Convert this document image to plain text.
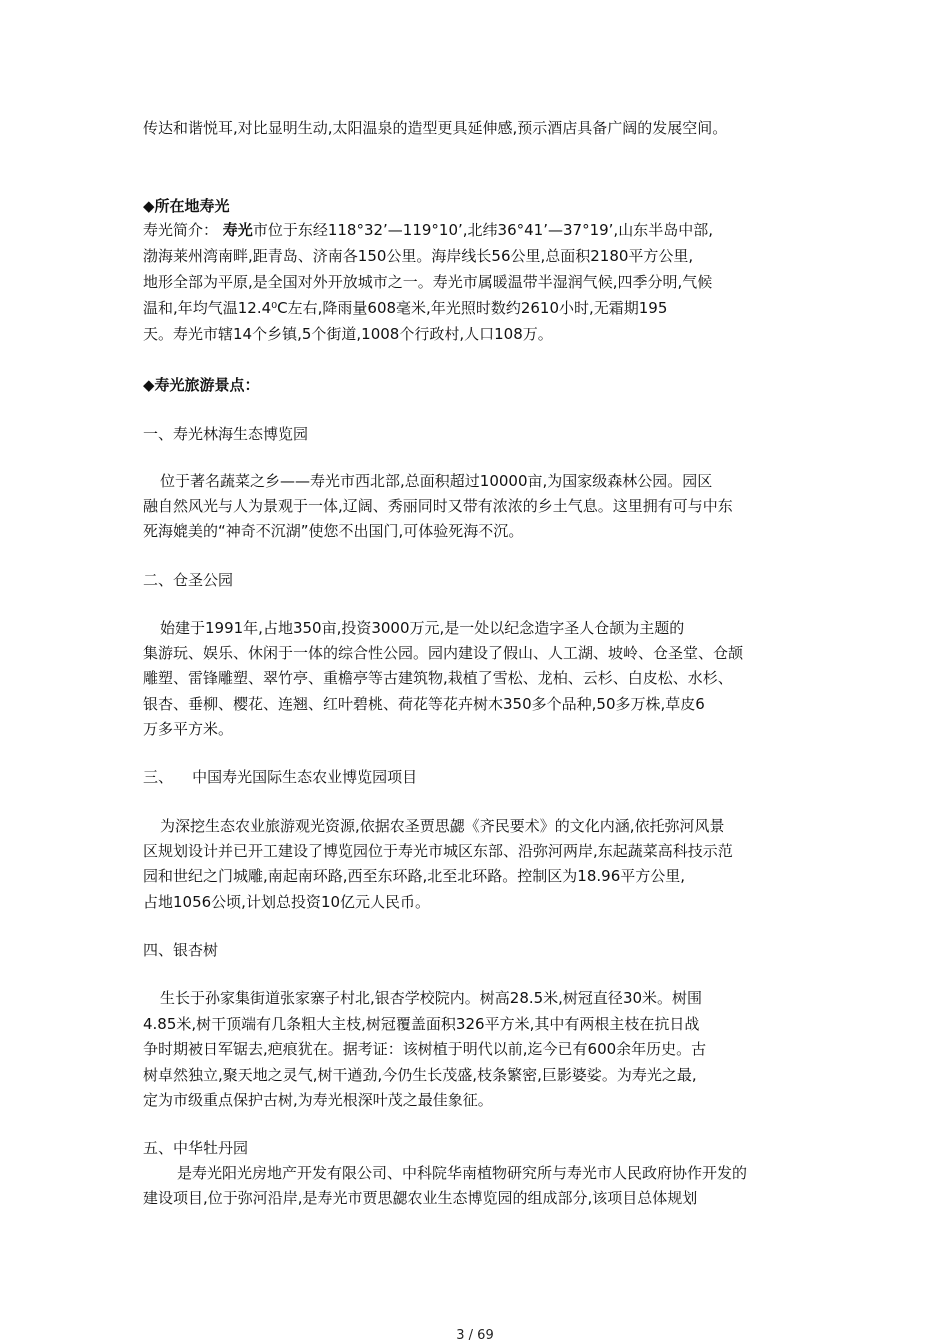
传达和谐悦耳,对比显明生动,太阳温泉的造型更具延伸感,预示酒店具备广阔的发展空间。
◆所在地寿光
寿光简介： 寿光市位于东经118°32’—119°10’,北纬36°41’—37°19’,山东半岛中部,
渤海莱州湾南畔,距青岛、济南各150公里。海岸线长56公里,总面积2180平方公里,
地形全部为平原,是全国对外开放城市之一。寿光市属暖温带半湿润气候,四季分明,气候
温和,年均气温12.4⁰C左右,降雨量608毫米,年光照时数约2610小时,无霜期195
天。寿光市辖14个乡镇,5个街道,1008个行政村,人口108万。
◆寿光旅游景点：
一、寿光林海生态博览园
位于著名蔬菜之乡——寿光市西北部,总面积超过10000亩,为国家级森林公园。园区
融自然风光与人为景观于一体,辽阔、秀丽同时又带有浓浓的乡土气息。这里拥有可与中东
死海媲美的“神奇不沉湖”使您不出国门,可体验死海不沉。
二、仓圣公园
始建于1991年,占地350亩,投资3000万元,是一处以纪念造字圣人仓颉为主题的
集游玩、娱乐、休闲于一体的综合性公园。园内建设了假山、人工湖、坡岭、仓圣堂、仓颉
雕塑、雷锋雕塑、翠竹亭、重檐亭等古建筑物,栽植了雪松、龙柏、云杉、白皮松、水杉、
银杏、垂柳、樱花、连翘、红叶碧桃、荷花等花卉树木350多个品种,50多万株,草皮6
万多平方米。
三、    中国寿光国际生态农业博览园项目
为深挖生态农业旅游观光资源,依据农圣贾思勰《齐民要术》的文化内涵,依托弥河风景
区规划设计并已开工建设了博览园位于寿光市城区东部、沿弥河两岸,东起蔬菜高科技示范
园和世纪之门城雕,南起南环路,西至东环路,北至北环路。控制区为18.96平方公里,
占地1056公顷,计划总投资10亿元人民币。
四、银杏树
生长于孙家集街道张家寨子村北,银杏学校院内。树高28.5米,树冠直径30米。树围
4.85米,树干顶端有几条粗大主枝,树冠覆盖面积326平方米,其中有两根主枝在抗日战
争时期被日军锯去,疤痕犹在。据考证：该树植于明代以前,迄今已有600余年历史。古
树卓然独立,聚天地之灵气,树干遒劲,今仍生长茂盛,枝条繁密,巨影婆娑。为寿光之最,
定为市级重点保护古树,为寿光根深叶茂之最佳象征。
五、中华牡丹园
是寿光阳光房地产开发有限公司、中科院华南植物研究所与寿光市人民政府协作开发的
建设项目,位于弥河沿岸,是寿光市贾思勰农业生态博览园的组成部分,该项目总体规划
3 / 69
